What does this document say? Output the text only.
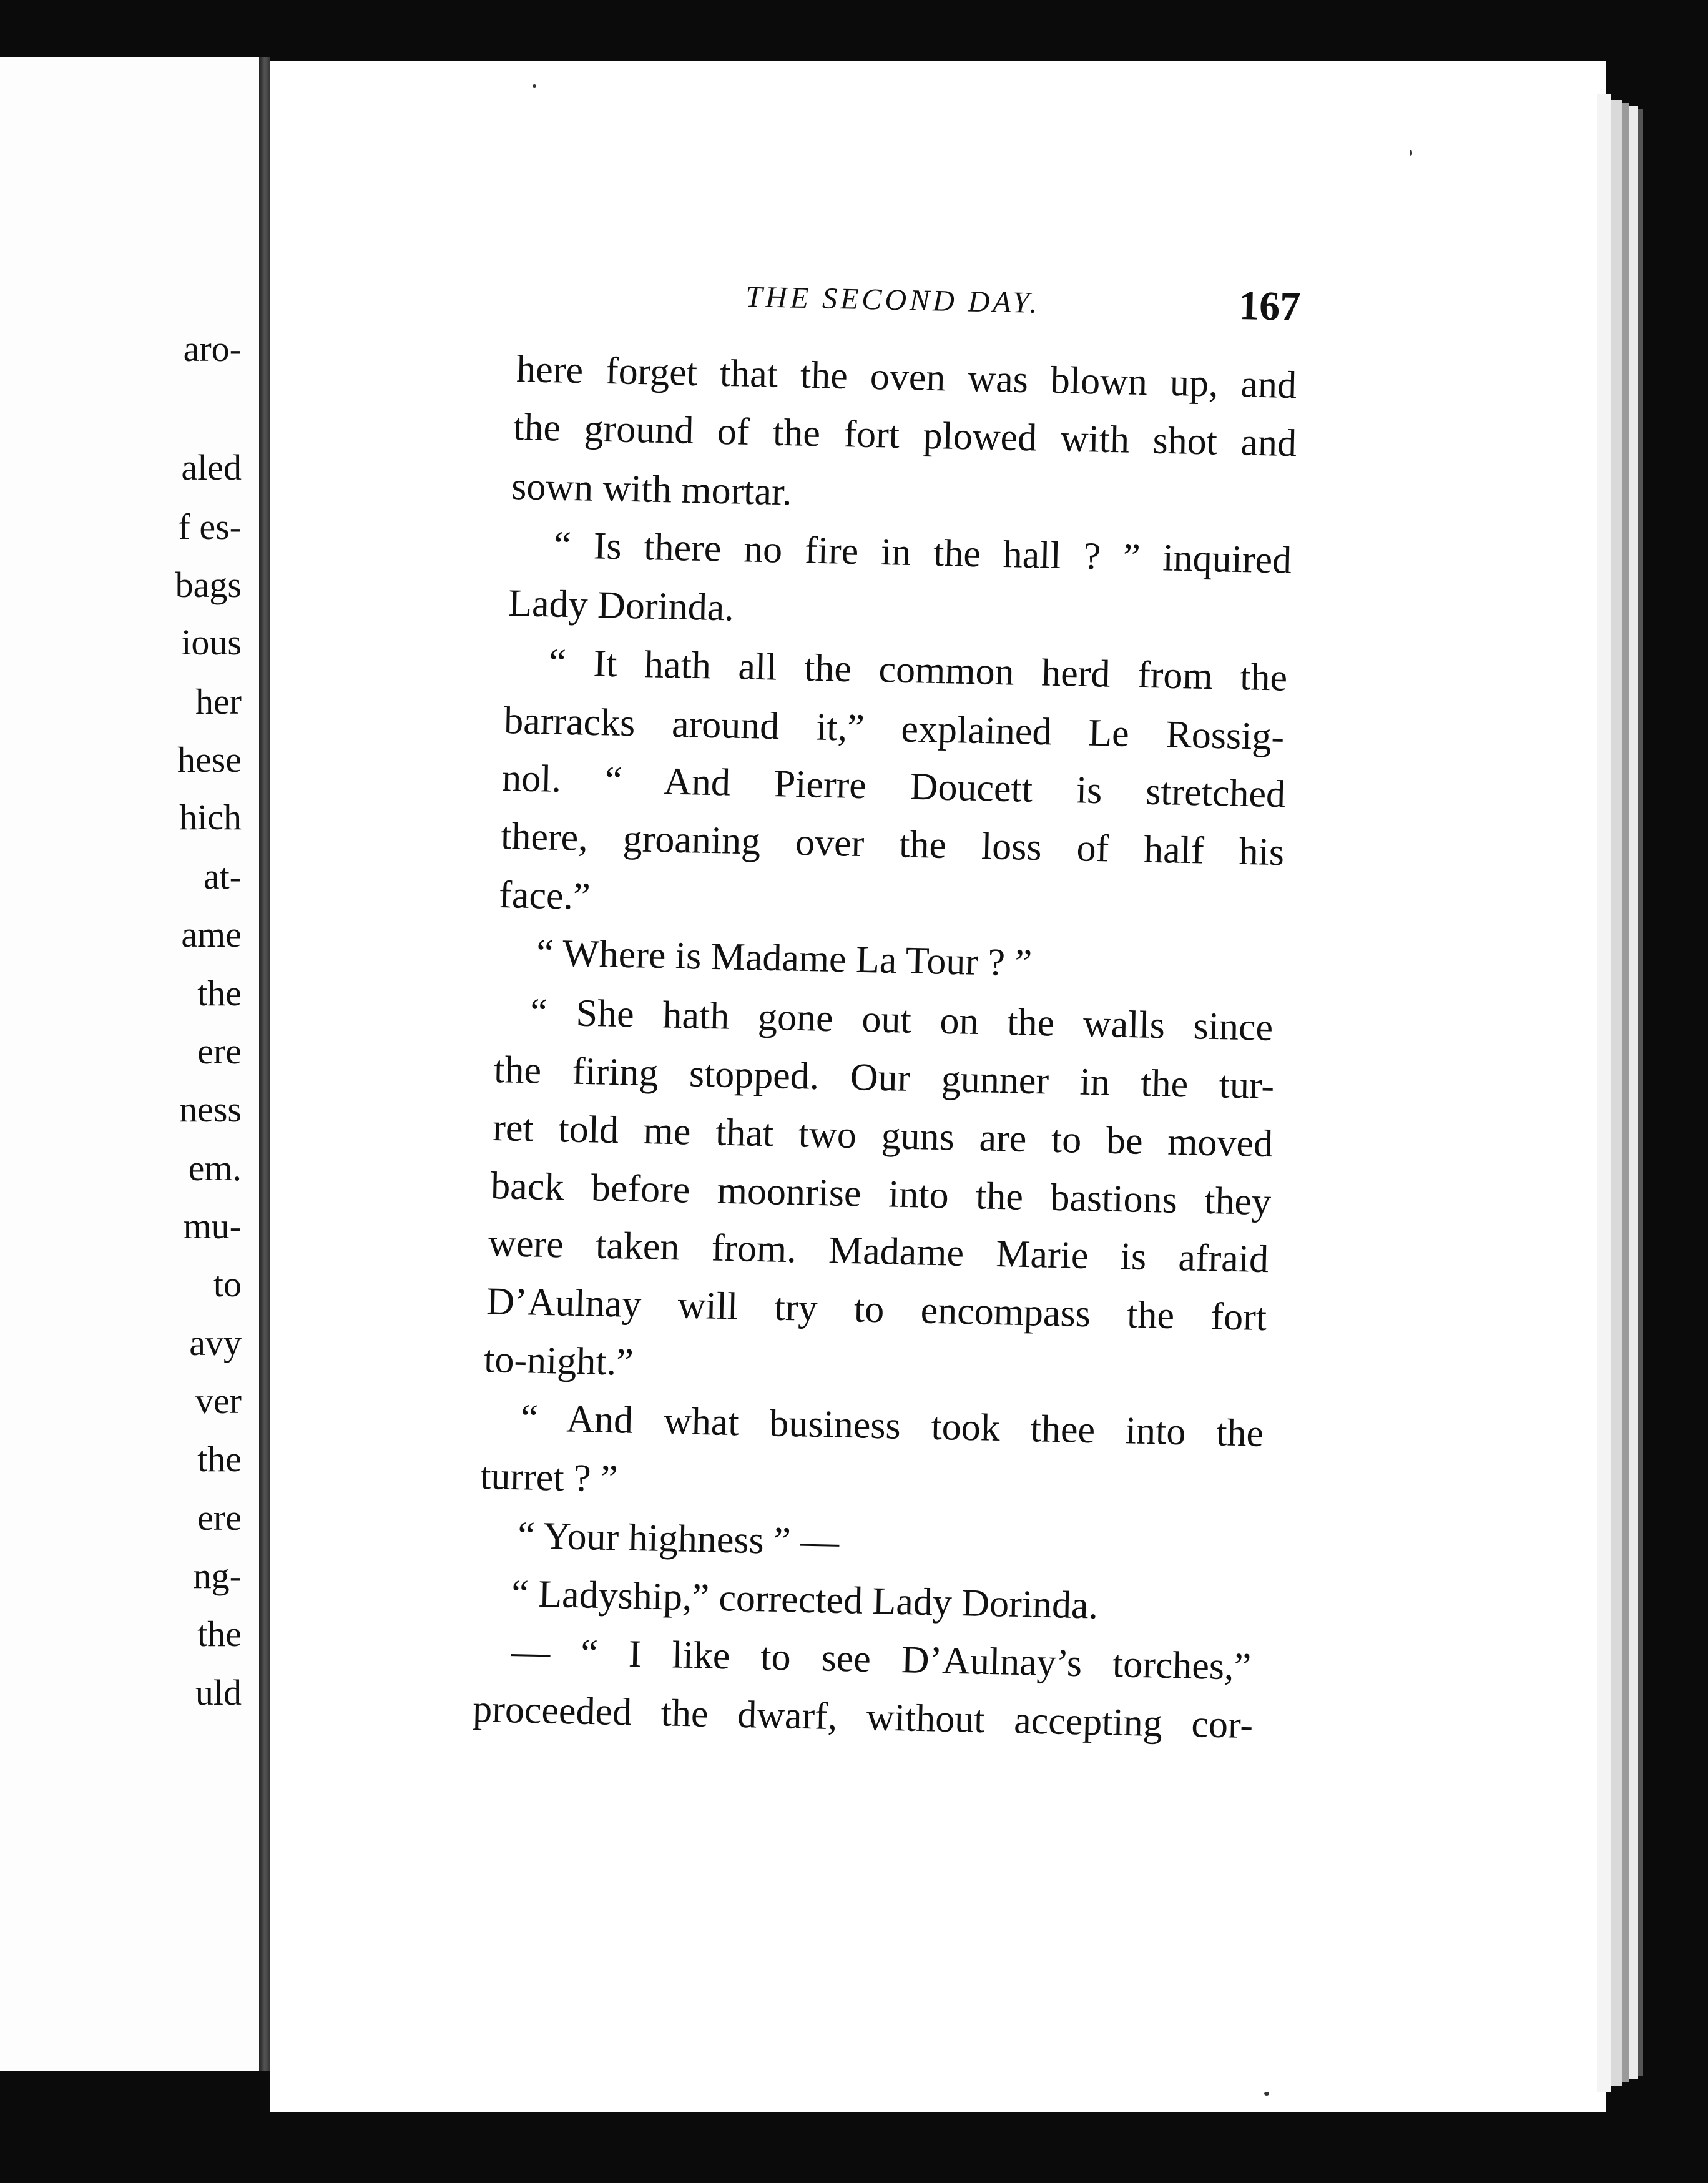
aro-
aled
f es-
bags
ious
her
hese
hich
at-
ame
the
ere
ness
em.
mu-
to
avy
ver
the
ere
ng-
the
uld
THE SECOND DAY.	167
here forget that the oven was blown up, and
the ground of the fort plowed with shot and
sown with mortar.
“ Is there no fire in the hall ? ” inquired
Lady Dorinda.
“ It hath all the common herd from the
barracks around it,” explained Le Rossig-
nol. “ And Pierre Doucett is stretched
there, groaning over the loss of half his
face.”
“ Where is Madame La Tour ? ”
“ She hath gone out on the walls since
the firing stopped. Our gunner in the tur-
ret told me that two guns are to be moved
back before moonrise into the bastions they
were taken from. Madame Marie is afraid
D’Aulnay will try to encompass the fort
to-night.”
“ And what business took thee into the
turret ? ”
“ Your highness ” —
“ Ladyship,” corrected Lady Dorinda.
— “ I like to see D’Aulnay’s torches,”
proceeded the dwarf, without accepting cor-
